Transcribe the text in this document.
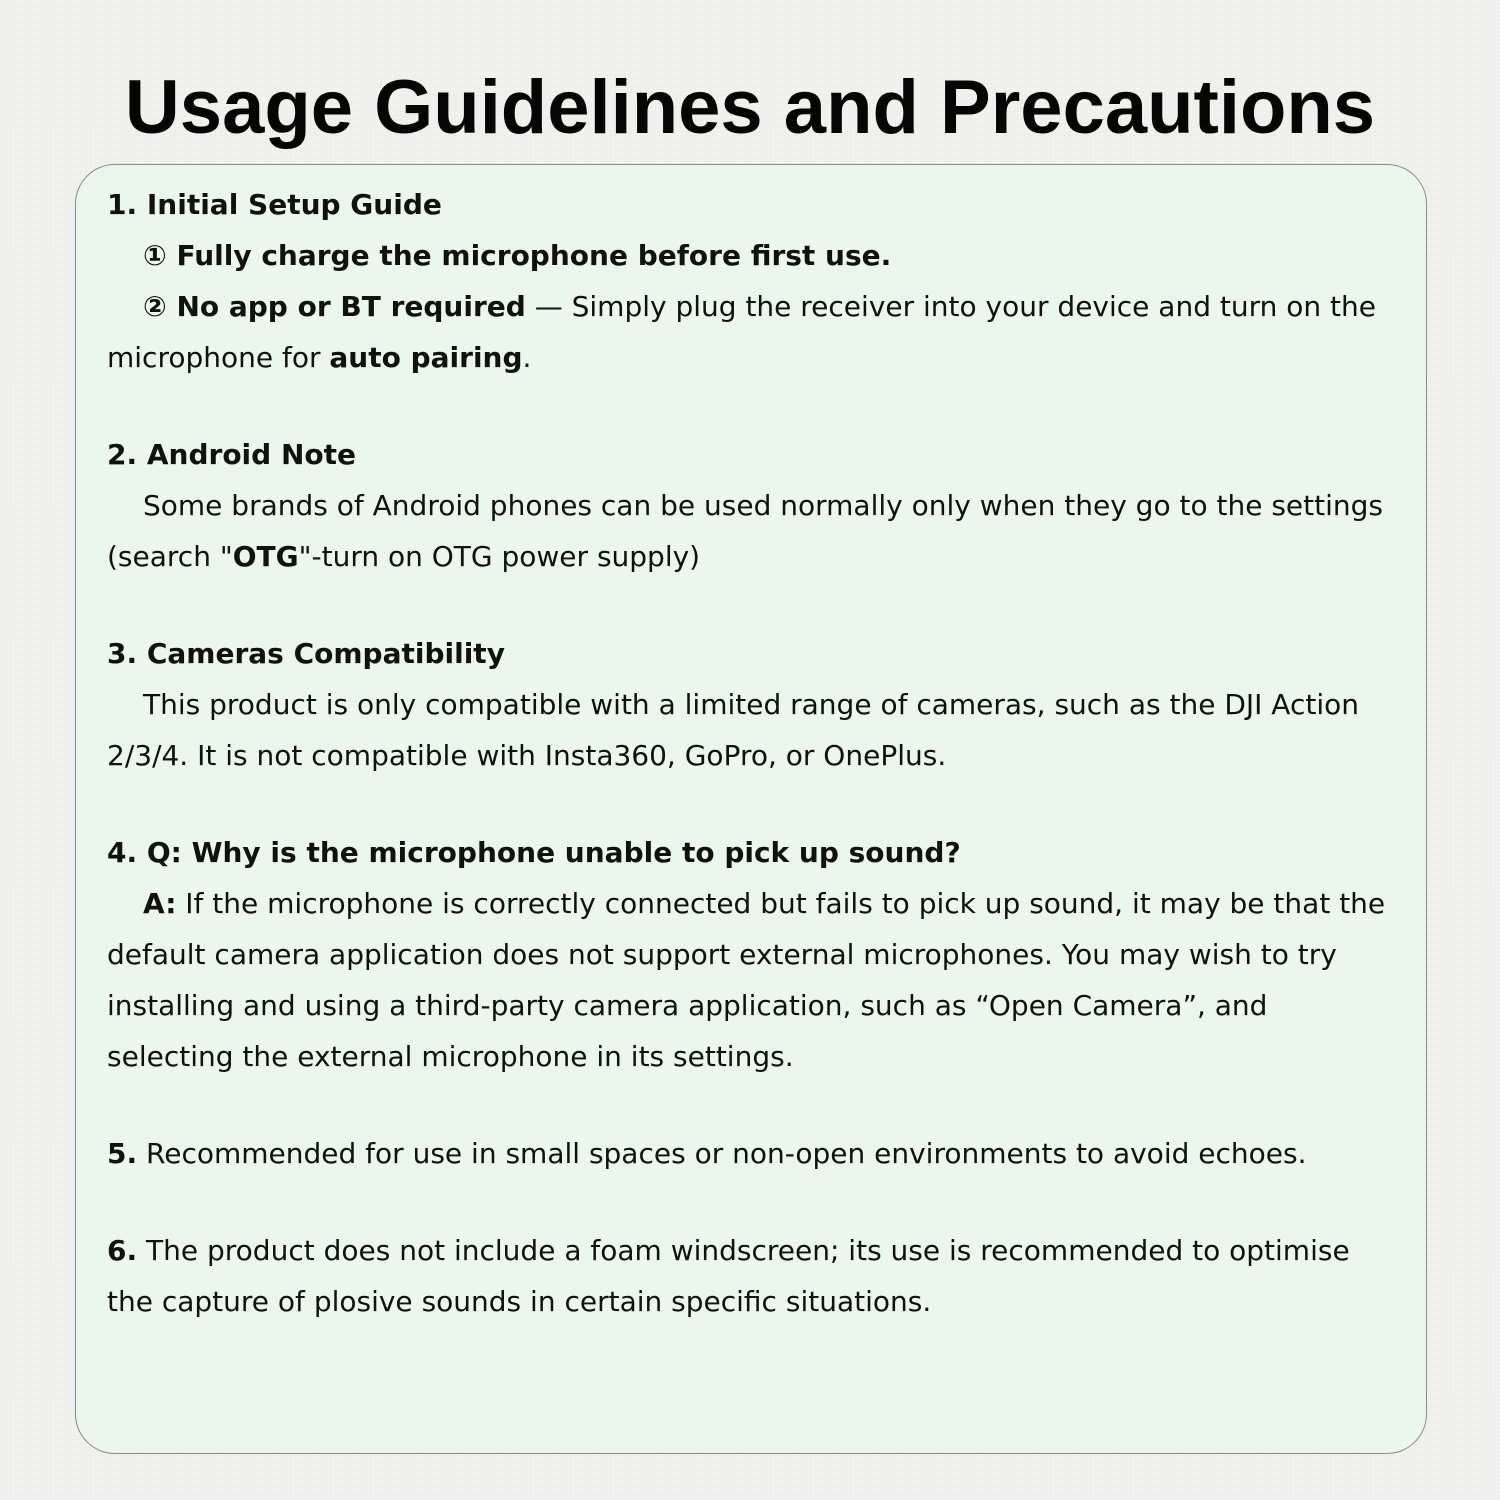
Usage Guidelines and Precautions

1. Initial Setup Guide

① Fully charge the microphone before first use.

② No app or BT required — Simply plug the receiver into your device and turn on the microphone for auto pairing.

2. Android Note

Some brands of Android phones can be used normally only when they go to the settings (search "OTG"-turn on OTG power supply)

3. Cameras Compatibility

This product is only compatible with a limited range of cameras, such as the DJI Action 2/3/4. It is not compatible with Insta360, GoPro, or OnePlus.

4. Q: Why is the microphone unable to pick up sound?

A: If the microphone is correctly connected but fails to pick up sound, it may be that the default camera application does not support external microphones. You may wish to try installing and using a third-party camera application, such as “Open Camera”, and selecting the external microphone in its settings.

5. Recommended for use in small spaces or non-open environments to avoid echoes.

6. The product does not include a foam windscreen; its use is recommended to optimise the capture of plosive sounds in certain specific situations.
